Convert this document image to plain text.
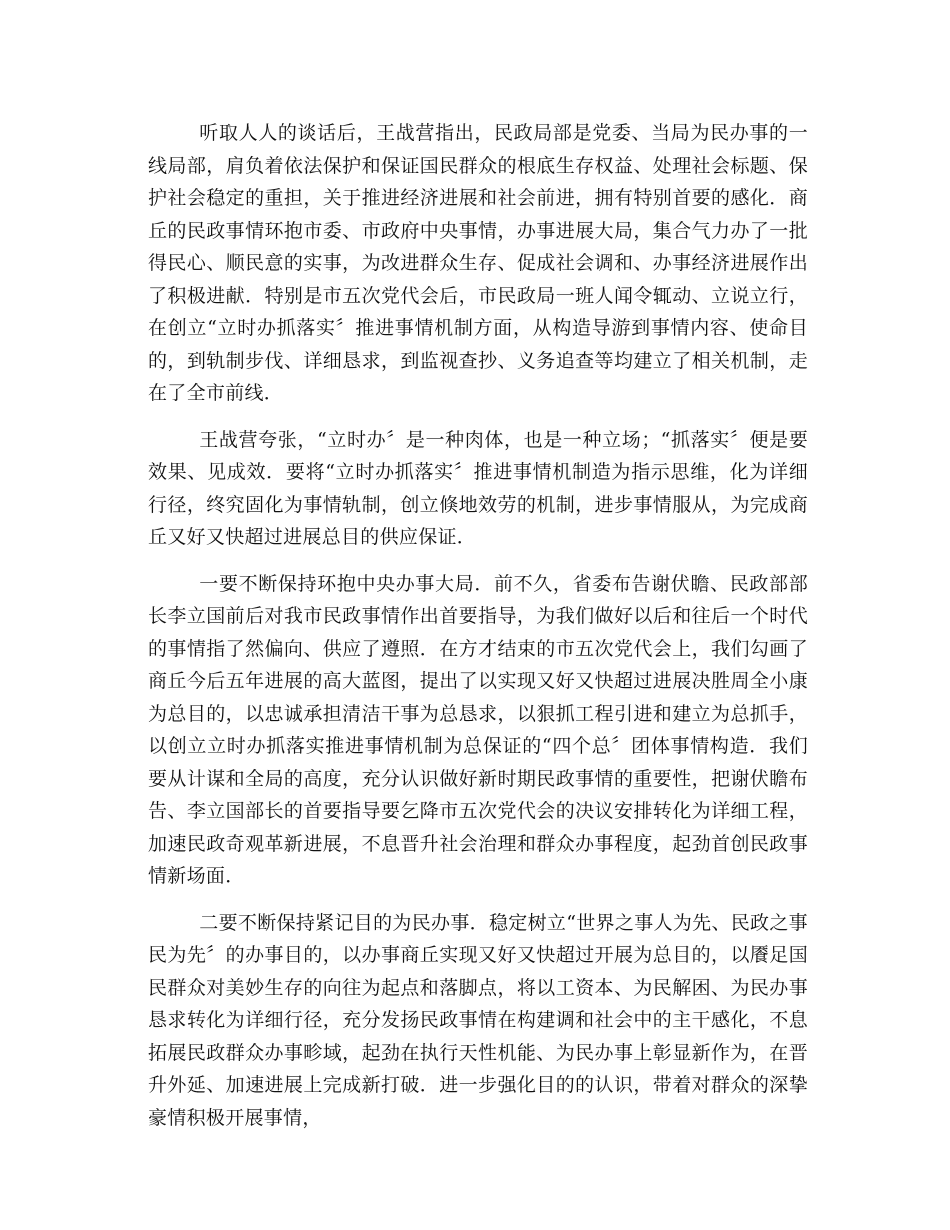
听取人人的谈话后，王战营指出，民政局部是党委、当局为民办事的一线局部，肩负着依法保护和保证国民群众的根底生存权益、处理社会标题、保护社会稳定的重担，关于推进经济进展和社会前进，拥有特别首要的感化．商丘的民政事情环抱市委、市政府中央事情，办事进展大局，集合气力办了一批得民心、顺民意的实事，为改进群众生存、促成社会调和、办事经济进展作出了积极进献．特别是市五次党代会后，市民政局一班人闻令辄动、立说立行，在创立“立时办抓落实〞推进事情机制方面，从构造导游到事情内容、使命目的，到轨制步伐、详细恳求，到监视查抄、义务追查等均建立了相关机制，走在了全市前线．

王战营夸张，“立时办〞是一种肉体，也是一种立场；“抓落实〞便是要效果、见成效．要将“立时办抓落实〞推进事情机制造为指示思维，化为详细行径，终究固化为事情轨制，创立倏地效劳的机制，进步事情服从，为完成商丘又好又快超过进展总目的供应保证．

一要不断保持环抱中央办事大局．前不久，省委布告谢伏瞻、民政部部长李立国前后对我市民政事情作出首要指导，为我们做好以后和往后一个时代的事情指了然偏向、供应了遵照．在方才结束的市五次党代会上，我们勾画了商丘今后五年进展的高大蓝图，提出了以实现又好又快超过进展决胜周全小康为总目的，以忠诚承担清洁干事为总恳求，以狠抓工程引进和建立为总抓手，以创立立时办抓落实推进事情机制为总保证的“四个总〞团体事情构造．我们要从计谋和全局的高度，充分认识做好新时期民政事情的重要性，把谢伏瞻布告、李立国部长的首要指导要乞降市五次党代会的决议安排转化为详细工程，加速民政奇观革新进展，不息晋升社会治理和群众办事程度，起劲首创民政事情新场面．

二要不断保持紧记目的为民办事．稳定树立“世界之事人为先、民政之事民为先〞的办事目的，以办事商丘实现又好又快超过开展为总目的，以餍足国民群众对美妙生存的向往为起点和落脚点，将以工资本、为民解困、为民办事恳求转化为详细行径，充分发扬民政事情在构建调和社会中的主干感化，不息拓展民政群众办事畛域，起劲在执行天性机能、为民办事上彰显新作为，在晋升外延、加速进展上完成新打破．进一步强化目的的认识，带着对群众的深挚豪情积极开展事情，
